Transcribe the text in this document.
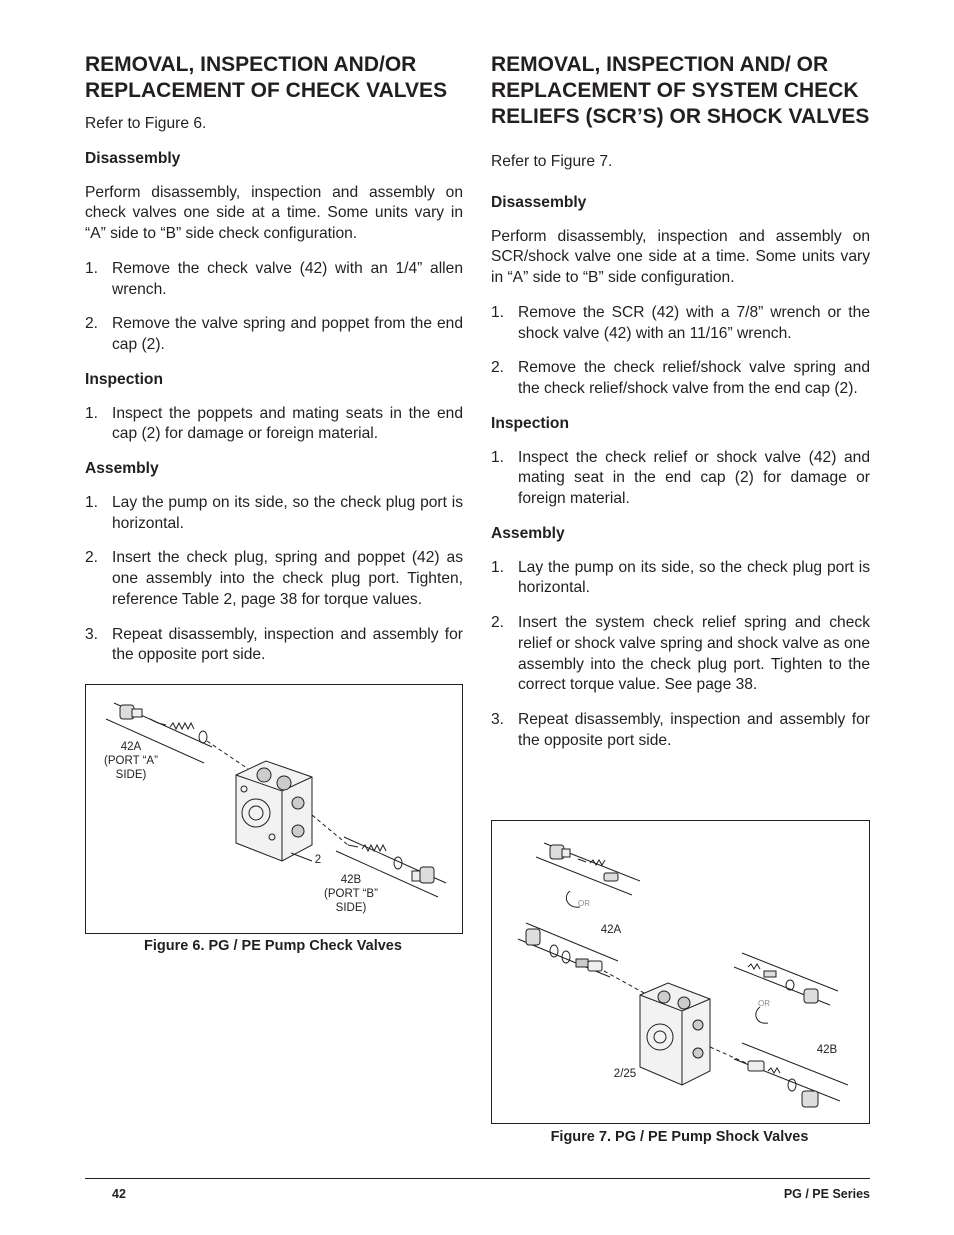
REMOVAL, INSPECTION AND/OR REPLACEMENT OF CHECK VALVES

Refer to Figure 6.

Disassembly

Perform disassembly, inspection and assembly on check valves one side at a time. Some units vary in “A” side to “B” side check configuration.

1. Remove the check valve (42) with an 1/4” allen wrench.
2. Remove the valve spring and poppet from the end cap (2).
Inspection
1. Inspect the poppets and mating seats in the end cap (2) for damage or foreign material.
Assembly
1. Lay the pump on its side, so the check plug port is horizontal.
2. Insert the check plug, spring and poppet (42) as one assembly into the check plug port. Tighten, reference Table 2, page 38 for torque values.
3. Repeat disassembly, inspection and assembly for the opposite port side.
42A
(PORT “A”
SIDE)
2
42B
(PORT “B”
SIDE)
Figure 6. PG / PE Pump Check Valves
REMOVAL, INSPECTION AND/ OR REPLACEMENT OF SYSTEM CHECK RELIEFS (SCR’S) OR SHOCK VALVES

Refer to Figure 7.

Disassembly

Perform disassembly, inspection and assembly on SCR/shock valve one side at a time. Some units vary in “A” side to “B” side configuration.

1. Remove the SCR (42) with a 7/8” wrench or the shock valve (42) with an 11/16” wrench.
2. Remove the check relief/shock valve spring and the check relief/shock valve from the end cap (2).
Inspection
1. Inspect the check relief or shock valve (42) and mating seat in the end cap (2) for damage or foreign material.
Assembly
1. Lay the pump on its side, so the check plug port is horizontal.
2. Insert the system check relief spring and check relief or shock valve spring and shock valve as one assembly into the check plug port. Tighten to the correct torque value. See page 38.
3. Repeat disassembly, inspection and assembly for the opposite port side.
OR
42A
OR
42B
2/25
Figure 7. PG / PE Pump Shock Valves
42	PG / PE Series
